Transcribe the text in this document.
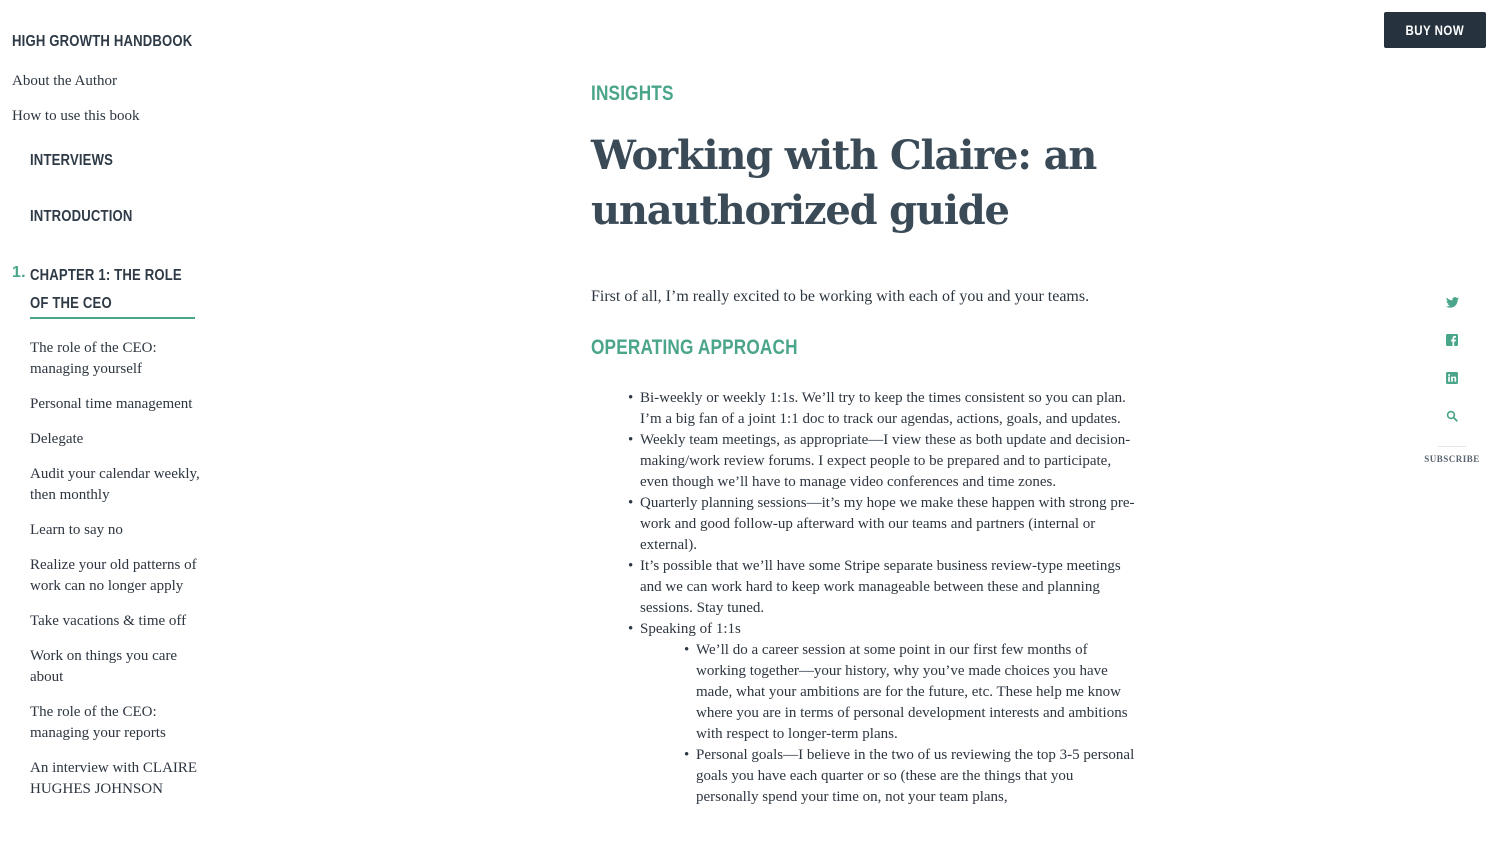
HIGH GROWTH HANDBOOK
About the Author
How to use this book
INTERVIEWS
INTRODUCTION
1. CHAPTER 1: THE ROLE OF THE CEO
The role of the CEO: managing yourself
Personal time management
Delegate
Audit your calendar weekly, then monthly
Learn to say no
Realize your old patterns of work can no longer apply
Take vacations & time off
Work on things you care about
The role of the CEO: managing your reports
An interview with CLAIRE HUGHES JOHNSON
BUY NOW
INSIGHTS
Working with Claire: an unauthorized guide

First of all, I’m really excited to be working with each of you and your teams.

OPERATING APPROACH
• Bi-weekly or weekly 1:1s. We’ll try to keep the times consistent so you can plan. I’m a big fan of a joint 1:1 doc to track our agendas, actions, goals, and updates.
• Weekly team meetings, as appropriate—I view these as both update and decision-making/work review forums. I expect people to be prepared and to participate, even though we’ll have to manage video conferences and time zones.
• Quarterly planning sessions—it’s my hope we make these happen with strong pre-work and good follow-up afterward with our teams and partners (internal or external).
• It’s possible that we’ll have some Stripe separate business review-type meetings and we can work hard to keep work manageable between these and planning sessions. Stay tuned.
• Speaking of 1:1s
• We’ll do a career session at some point in our first few months of working together—your history, why you’ve made choices you have made, what your ambitions are for the future, etc. These help me know where you are in terms of personal development interests and ambitions with respect to longer-term plans.
• Personal goals—I believe in the two of us reviewing the top 3-5 personal goals you have each quarter or so (these are the things that you personally spend your time on, not your team plans,
SUBSCRIBE
